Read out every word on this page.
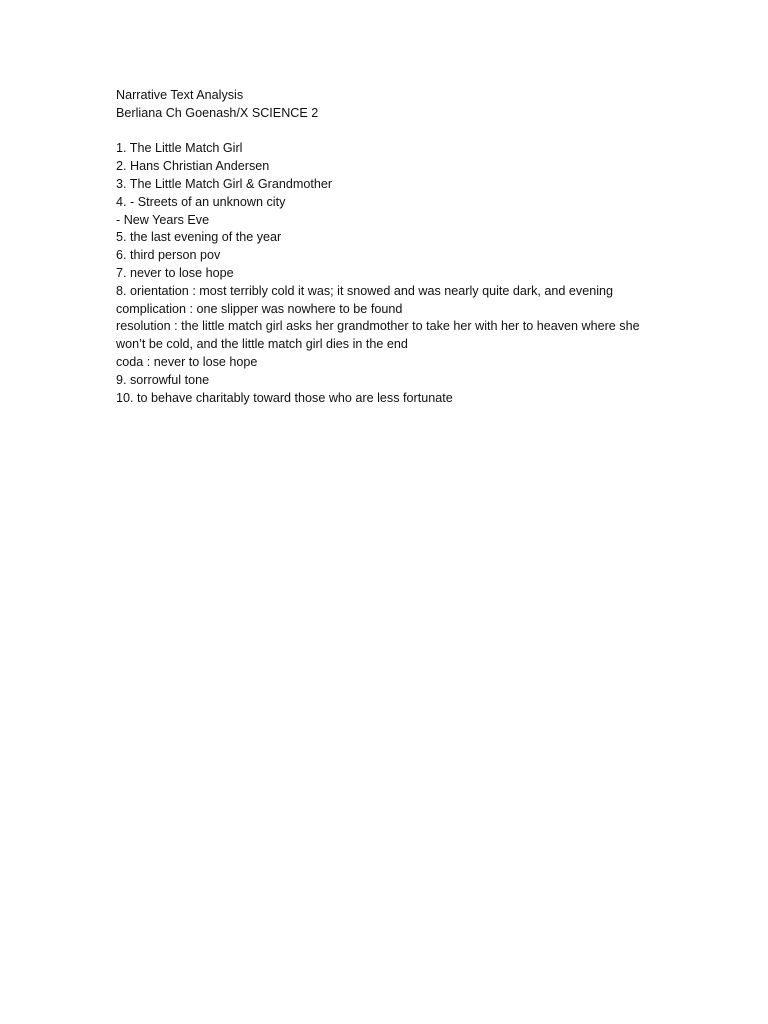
Narrative Text Analysis

Berliana Ch Goenash/X SCIENCE 2

1. The Little Match Girl

2. Hans Christian Andersen

3. The Little Match Girl & Grandmother

4. - Streets of an unknown city

- New Years Eve

5. the last evening of the year

6. third person pov

7. never to lose hope

8. orientation : most terribly cold it was; it snowed and was nearly quite dark, and evening

complication : one slipper was nowhere to be found

resolution : the little match girl asks her grandmother to take her with her to heaven where she won’t be cold, and the little match girl dies in the end

coda : never to lose hope

9. sorrowful tone

10. to behave charitably toward those who are less fortunate
